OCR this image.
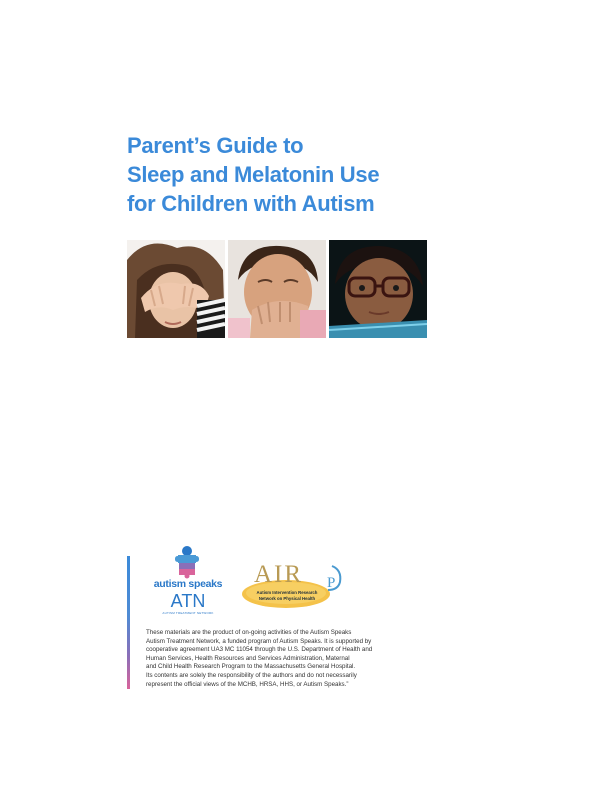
Parent’s Guide to
Sleep and Melatonin Use
for Children with Autism
autism speaks
ATN
AUTISM TREATMENT NETWORK
AIR P
Autism Intervention Research
Network on Physical Health
These materials are the product of on-going activities of the Autism Speaks
Autism Treatment Network, a funded program of Autism Speaks. It is supported by
cooperative agreement UA3 MC 11054 through the U.S. Department of Health and
Human Services, Health Resources and Services Administration, Maternal
and Child Health Research Program to the Massachusetts General Hospital.
Its contents are solely the responsibility of the authors and do not necessarily
represent the official views of the MCHB, HRSA, HHS, or Autism Speaks.”
